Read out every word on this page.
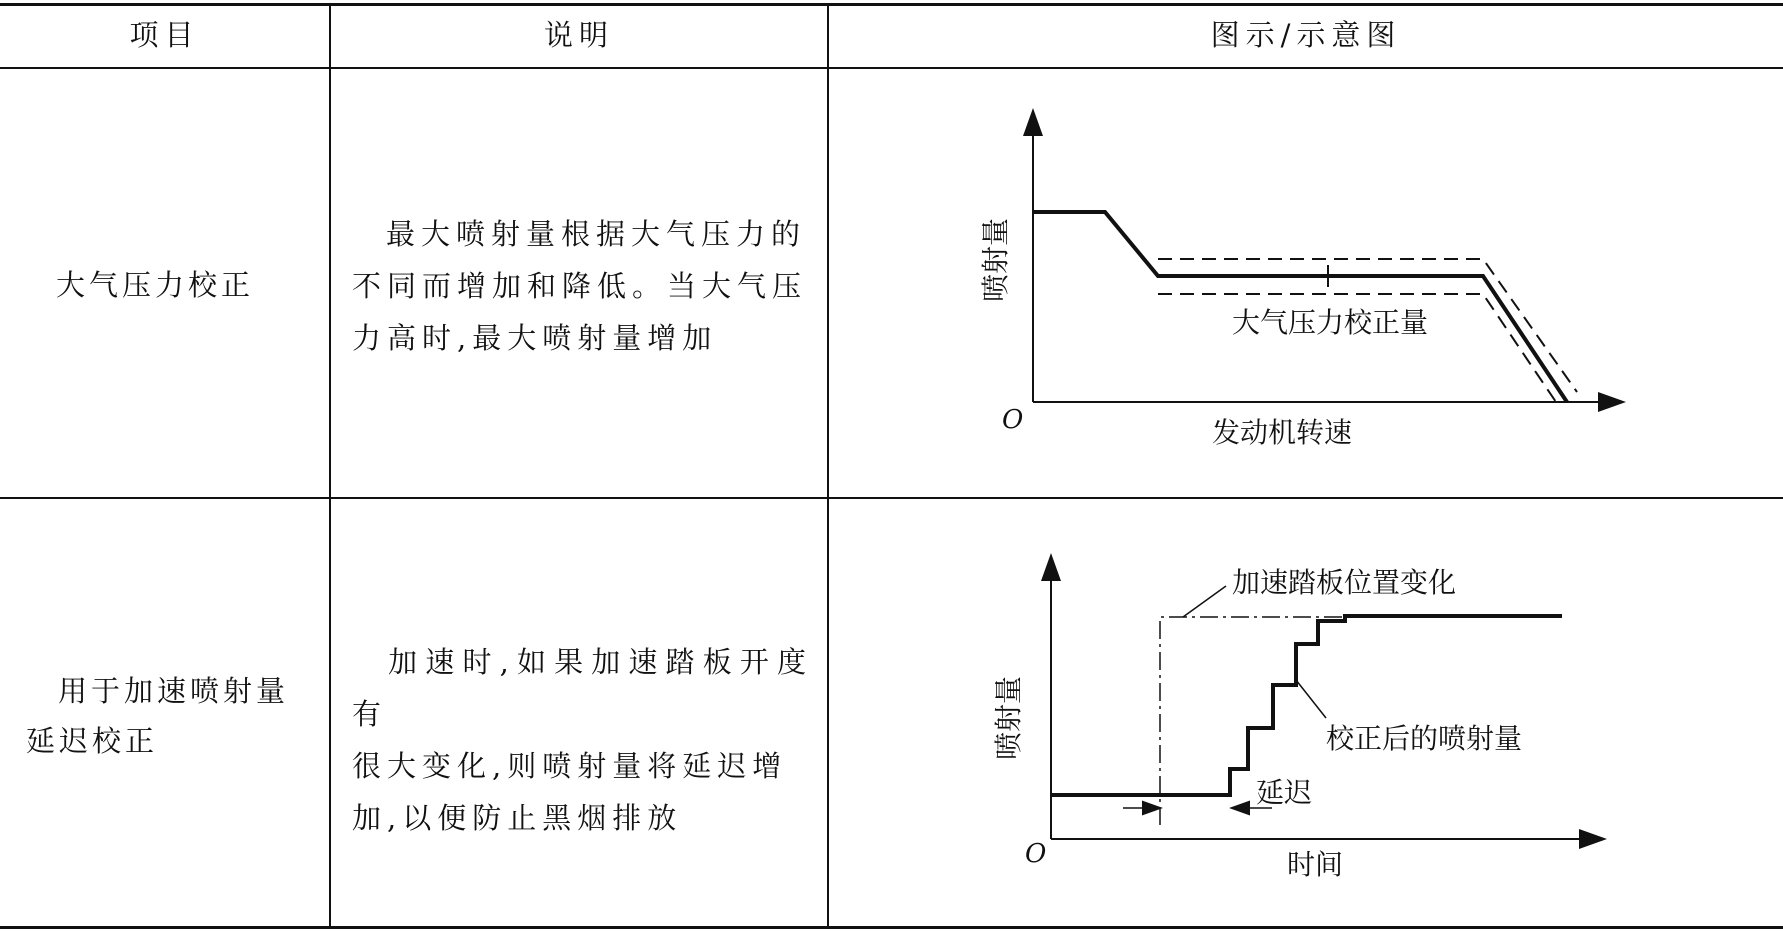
项目	说明	图示/示意图
大气压力校正
最大喷射量根据大气压力的
不同而增加和降低。当大气压
力高时,最大喷射量增加
喷射量
发动机转速
O
大气压力校正量
用于加速喷射量
延迟校正
加速时,如果加速踏板开度有
很大变化,则喷射量将延迟增
加,以便防止黑烟排放
喷射量
时间
O
加速踏板位置变化
校正后的喷射量
延迟
